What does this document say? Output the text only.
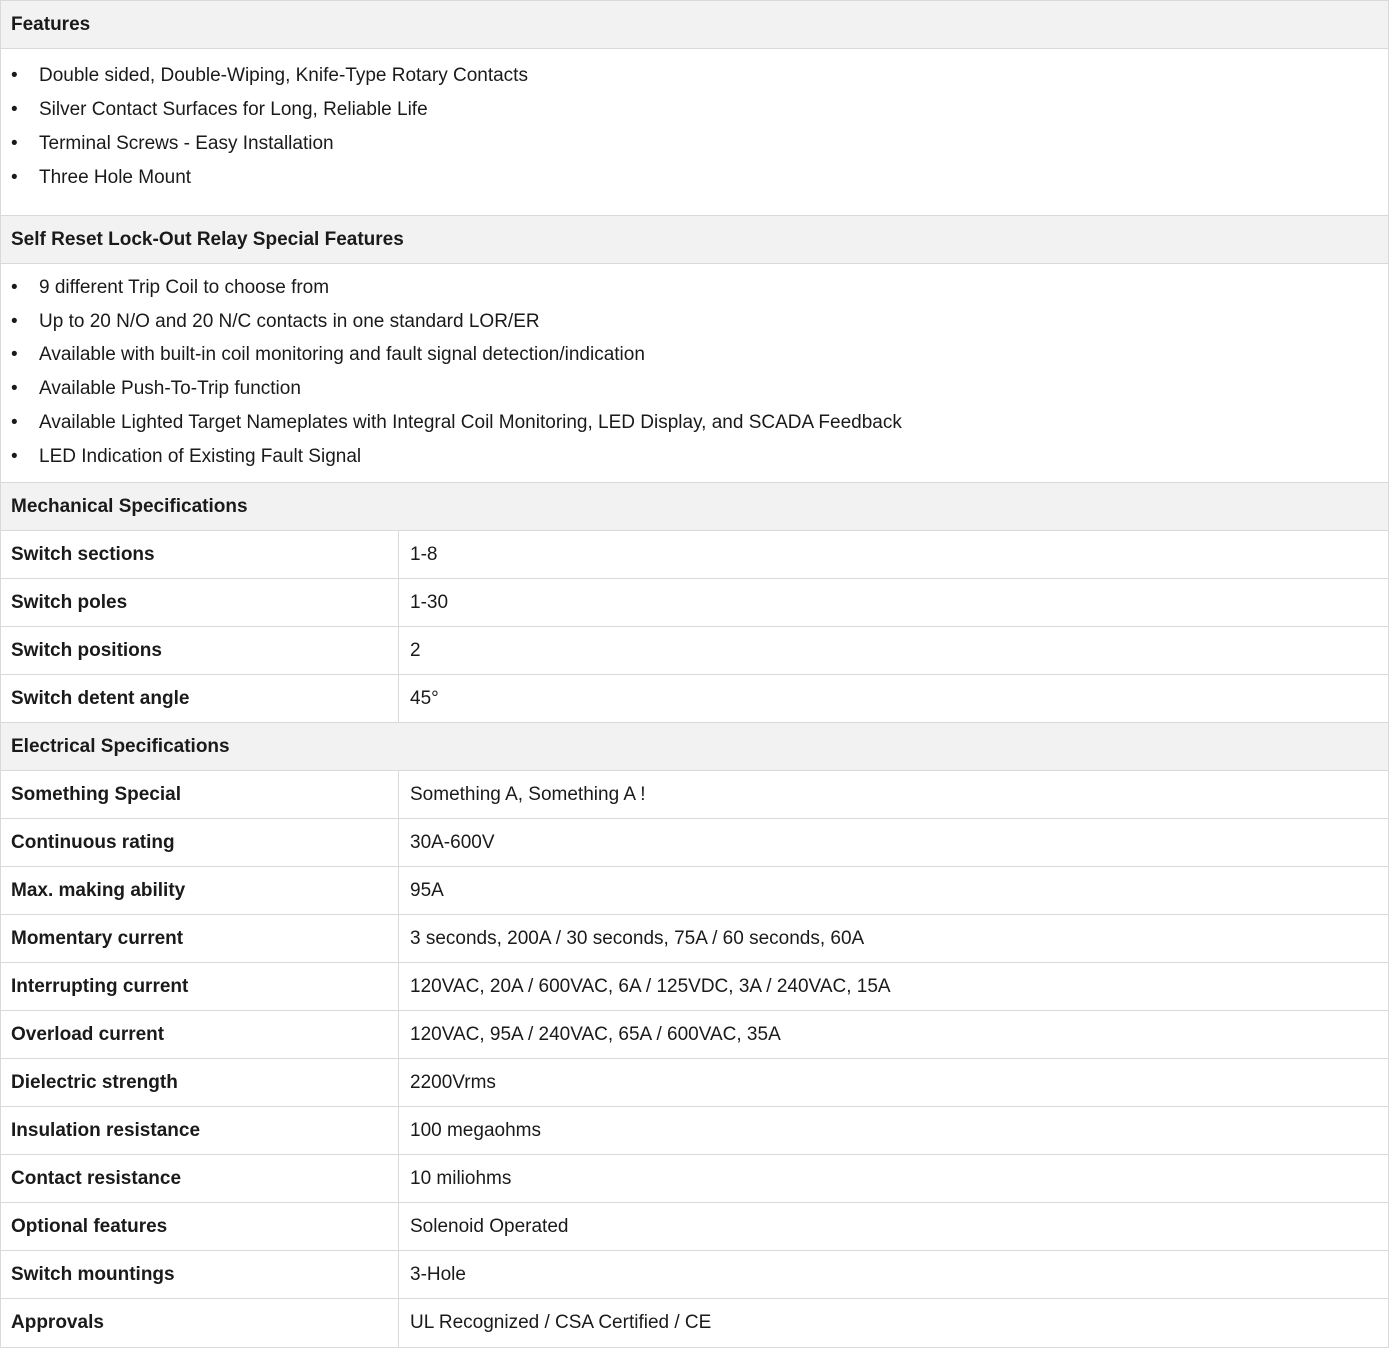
Features
•	Double sided, Double-Wiping, Knife-Type Rotary Contacts
•	Silver Contact Surfaces for Long, Reliable Life
•	Terminal Screws - Easy Installation
•	Three Hole Mount
Self Reset Lock-Out Relay Special Features
•	9 different Trip Coil to choose from
•	Up to 20 N/O and 20 N/C contacts in one standard LOR/ER
•	Available with built-in coil monitoring and fault signal detection/indication
•	Available Push-To-Trip function
•	Available Lighted Target Nameplates with Integral Coil Monitoring, LED Display, and SCADA Feedback
•	LED Indication of Existing Fault Signal
Mechanical Specifications
Switch sections	1-8
Switch poles	1-30
Switch positions	2
Switch detent angle	45°
Electrical Specifications
Something Special	Something A, Something A !
Continuous rating	30A-600V
Max. making ability	95A
Momentary current	3 seconds, 200A / 30 seconds, 75A / 60 seconds, 60A
Interrupting current	120VAC, 20A / 600VAC, 6A / 125VDC, 3A / 240VAC, 15A
Overload current	120VAC, 95A / 240VAC, 65A / 600VAC, 35A
Dielectric strength	2200Vrms
Insulation resistance	100 megaohms
Contact resistance	10 miliohms
Optional features	Solenoid Operated
Switch mountings	3-Hole
Approvals	UL Recognized / CSA Certified / CE
